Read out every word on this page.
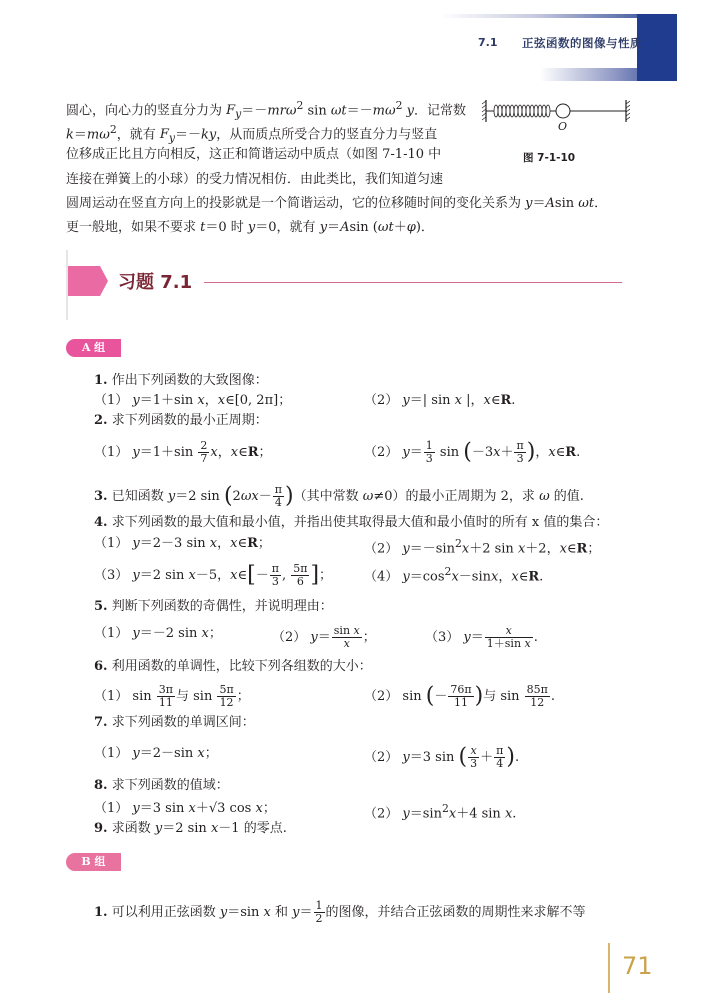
7.1 正弦函数的图像与性质
圆心，向心力的竖直分力为 $F_y=-mr\omega^2$ $\sin \omega t=-m\omega^2$ y．记常数
$k=m\omega^2$，就有 $F_y=-ky$，从而质点所受合力的竖直分力与竖直
位移成正比且方向相反，这正和简谐运动中质点（如图 7-1-10 中
连接在弹簧上的小球）的受力情况相仿．由此类比，我们知道匀速
圆周运动在竖直方向上的投影就是一个简谐运动，它的位移随时间的变化关系为 y＝Asin ωt．
更一般地，如果不要求 t＝0 时 y＝0，就有 y＝Asin (ωt＋φ)．
O
图 7-1-10
习题 7.1
A 组
1. 作出下列函数的大致图像：
（1） y＝1＋sin x，x∈[0, 2π]；	（2） y＝| sin x |，x∈R.
2. 求下列函数的最小正周期：
（1） $y=1+\sin \frac{2}{7}$ x，x∈R；	（2） $y= \frac{1}{3}$ $\sin (-3x+ \frac{\pi}{3}$ )，x∈R.
3. 已知函数 y＝2 $\sin (2\omega x- \frac{\pi}{4}$ )（其中常数 ω≠0）的最小正周期为 2，求 ω 的值.
4. 求下列函数的最大值和最小值，并指出使其取得最大值和最小值时的所有 x 值的集合：
（1） y＝2－3 sin x，x∈R；	（2） $y=-\sin^2x+2$ sin x＋2，x∈R；
（3） y＝2 sin x－5，x∈[－ $\frac{\pi}{3}$ , $\frac{5\pi}{6}$ ]； （4） $y=\cos^2x-\sin x$，x∈R.
5. 判断下列函数的奇偶性，并说明理由：
（1） y＝－2 sin x；	（2） $y= \frac{\text{sin x}}{x}$ ；	（3） $y= \frac{x}{\text{1＋sin x}}$ .
6. 利用函数的单调性，比较下列各组数的大小：
（1） $\sin \frac{3\pi}{11}$ 与 $\sin \frac{5\pi}{12}$ ；	（2） sin (－ $\frac{76\pi}{11}$ )与 $\sin \frac{85\pi}{12}$ .
7. 求下列函数的单调区间：
（1） y＝2－sin x；	（2） y＝3 sin ( $\frac{x}{3} + \frac{\pi}{4}$ ).
8. 求下列函数的值域：
（1） y＝3 sin x＋√3 cos x；	（2） $y=\sin^2x+4$ sin x.
9. 求函数 y＝2 sin x－1 的零点.
B 组
1. 可以利用正弦函数 y＝sin x 和 $y= \frac{1}{2}$ 的图像，并结合正弦函数的周期性来求解不等
71
